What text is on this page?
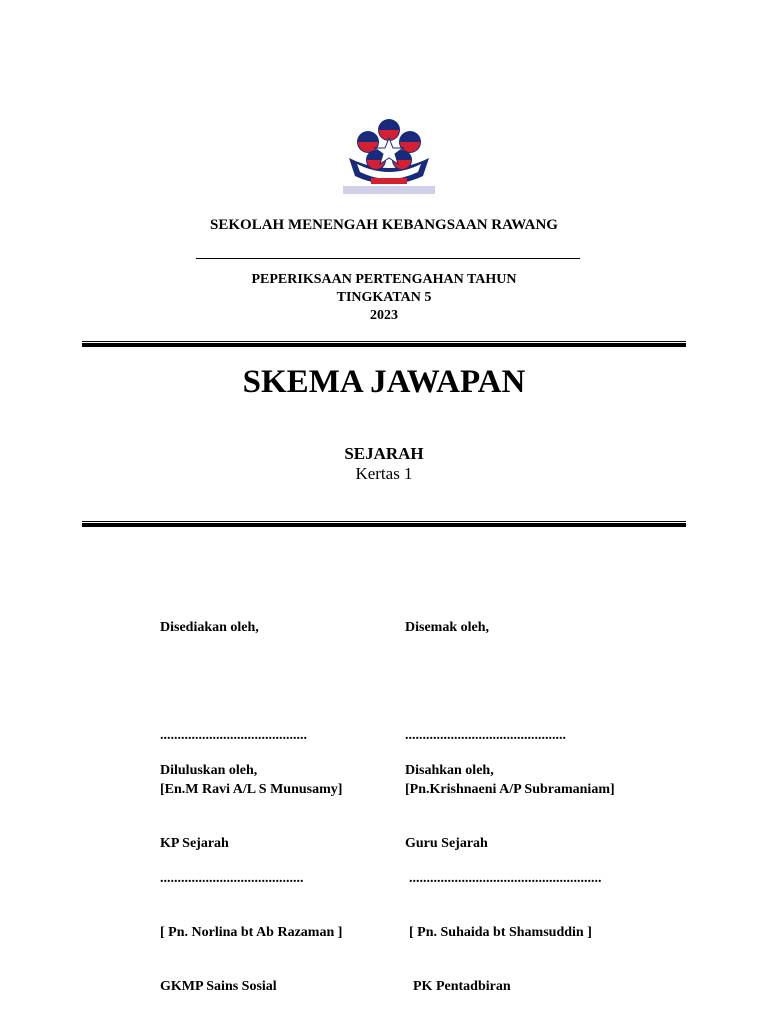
SEKOLAH MENENGAH KEBANGSAAN RAWANG
PEPERIKSAAN PERTENGAHAN TAHUN
TINGKATAN 5
2023
SKEMA JAWAPAN
SEJARAH
Kertas 1

Disediakan oleh,

..........................................

[En.M Ravi A/L S Munusamy]

KP Sejarah

Disemak oleh,

..............................................

[Pn.Krishnaeni A/P Subramaniam]

Guru Sejarah

Diluluskan oleh,

.........................................

[ Pn. Norlina bt Ab Razaman ]

GKMP Sains Sosial

Disahkan oleh,

.......................................................

[ Pn. Suhaida bt Shamsuddin ]

PK Pentadbiran
